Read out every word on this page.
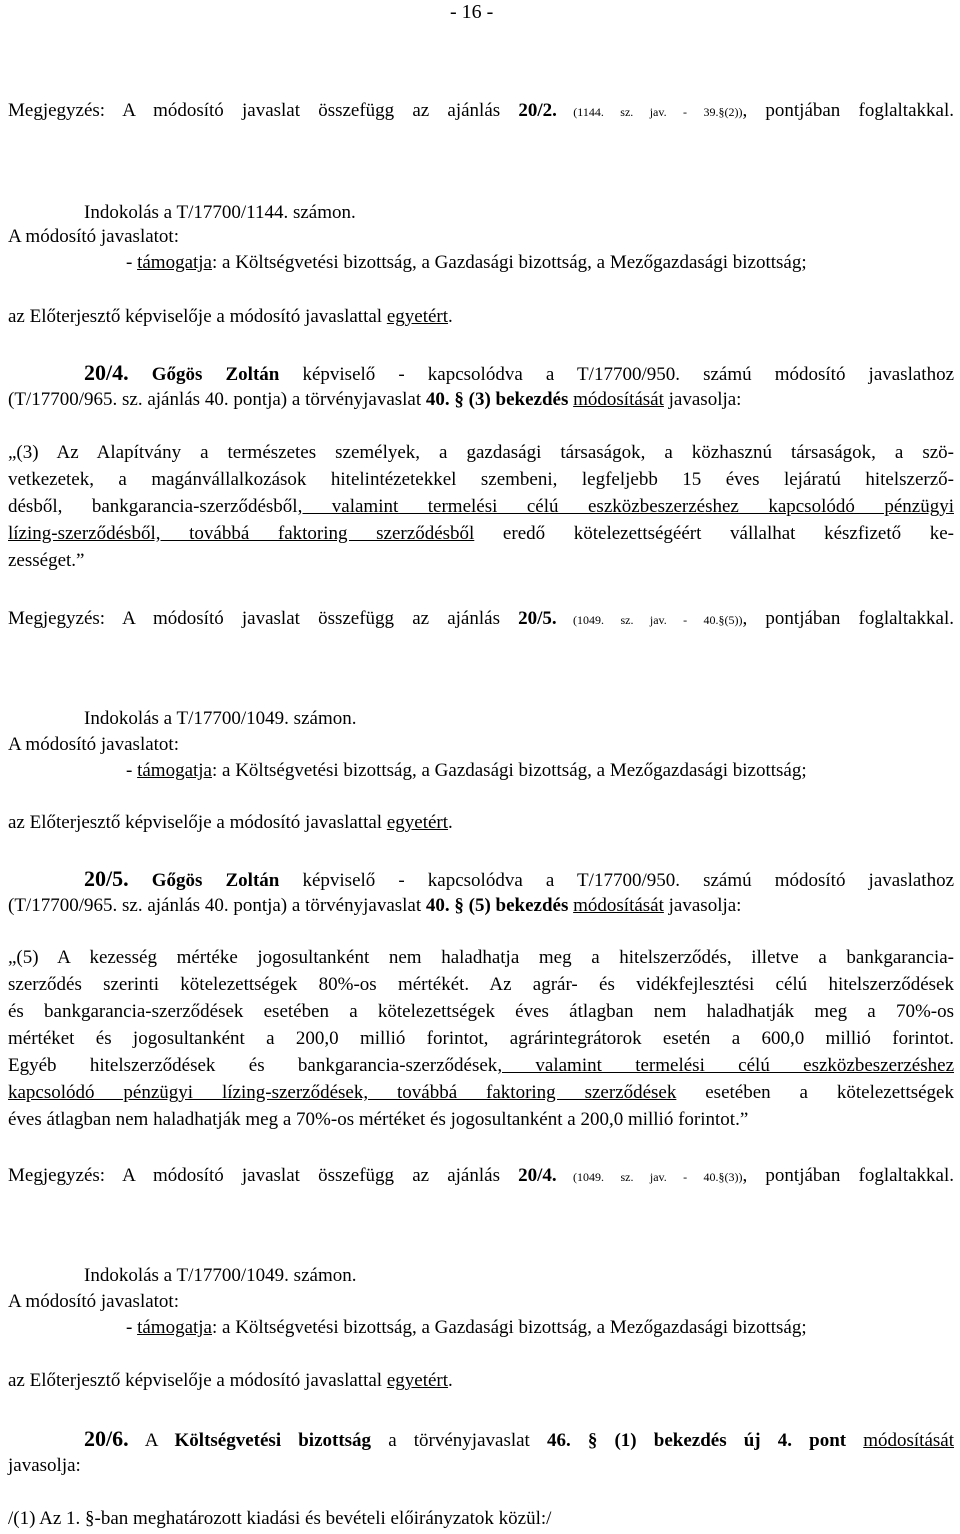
- 16 -
Megjegyzés: A módosító javaslat összefügg az ajánlás 20/2. (1144. sz. jav. - 39.§(2)), pontjában foglaltakkal.
Indokolás a T/17700/1144. számon.
A módosító javaslatot:
- támogatja: a Költségvetési bizottság, a Gazdasági bizottság, a Mezőgazdasági bizottság;
az Előterjesztő képviselője a módosító javaslattal egyetért.
20/4. Gőgös Zoltán képviselő - kapcsolódva a T/17700/950. számú módosító javaslathoz
(T/17700/965. sz. ajánlás 40. pontja) a törvényjavaslat 40. § (3) bekezdés módosítását javasolja:
„(3) Az Alapítvány a természetes személyek, a gazdasági társaságok, a közhasznú társaságok, a szö-
vetkezetek, a magánvállalkozások hitelintézetekkel szembeni, legfeljebb 15 éves lejáratú hitelszerző-
désből, bankgarancia-szerződésből, valamint termelési célú eszközbeszerzéshez kapcsolódó pénzügyi
lízing-szerződésből, továbbá faktoring szerződésből eredő kötelezettségéért vállalhat készfizető ke-
zességet.”
Megjegyzés: A módosító javaslat összefügg az ajánlás 20/5. (1049. sz. jav. - 40.§(5)), pontjában foglaltakkal.
Indokolás a T/17700/1049. számon.
A módosító javaslatot:
- támogatja: a Költségvetési bizottság, a Gazdasági bizottság, a Mezőgazdasági bizottság;
az Előterjesztő képviselője a módosító javaslattal egyetért.
20/5. Gőgös Zoltán képviselő - kapcsolódva a T/17700/950. számú módosító javaslathoz
(T/17700/965. sz. ajánlás 40. pontja) a törvényjavaslat 40. § (5) bekezdés módosítását javasolja:
„(5) A kezesség mértéke jogosultanként nem haladhatja meg a hitelszerződés, illetve a bankgarancia-
szerződés szerinti kötelezettségek 80%-os mértékét. Az agrár- és vidékfejlesztési célú hitelszerződések
és bankgarancia-szerződések esetében a kötelezettségek éves átlagban nem haladhatják meg a 70%-os
mértéket és jogosultanként a 200,0 millió forintot, agrárintegrátorok esetén a 600,0 millió forintot.
Egyéb hitelszerződések és bankgarancia-szerződések, valamint termelési célú eszközbeszerzéshez
kapcsolódó pénzügyi lízing-szerződések, továbbá faktoring szerződések esetében a kötelezettségek
éves átlagban nem haladhatják meg a 70%-os mértéket és jogosultanként a 200,0 millió forintot.”
Megjegyzés: A módosító javaslat összefügg az ajánlás 20/4. (1049. sz. jav. - 40.§(3)), pontjában foglaltakkal.
Indokolás a T/17700/1049. számon.
A módosító javaslatot:
- támogatja: a Költségvetési bizottság, a Gazdasági bizottság, a Mezőgazdasági bizottság;
az Előterjesztő képviselője a módosító javaslattal egyetért.
20/6. A Költségvetési bizottság a törvényjavaslat 46. § (1) bekezdés új 4. pont módosítását
javasolja:
/(1) Az 1. §-ban meghatározott kiadási és bevételi előirányzatok közül:/
